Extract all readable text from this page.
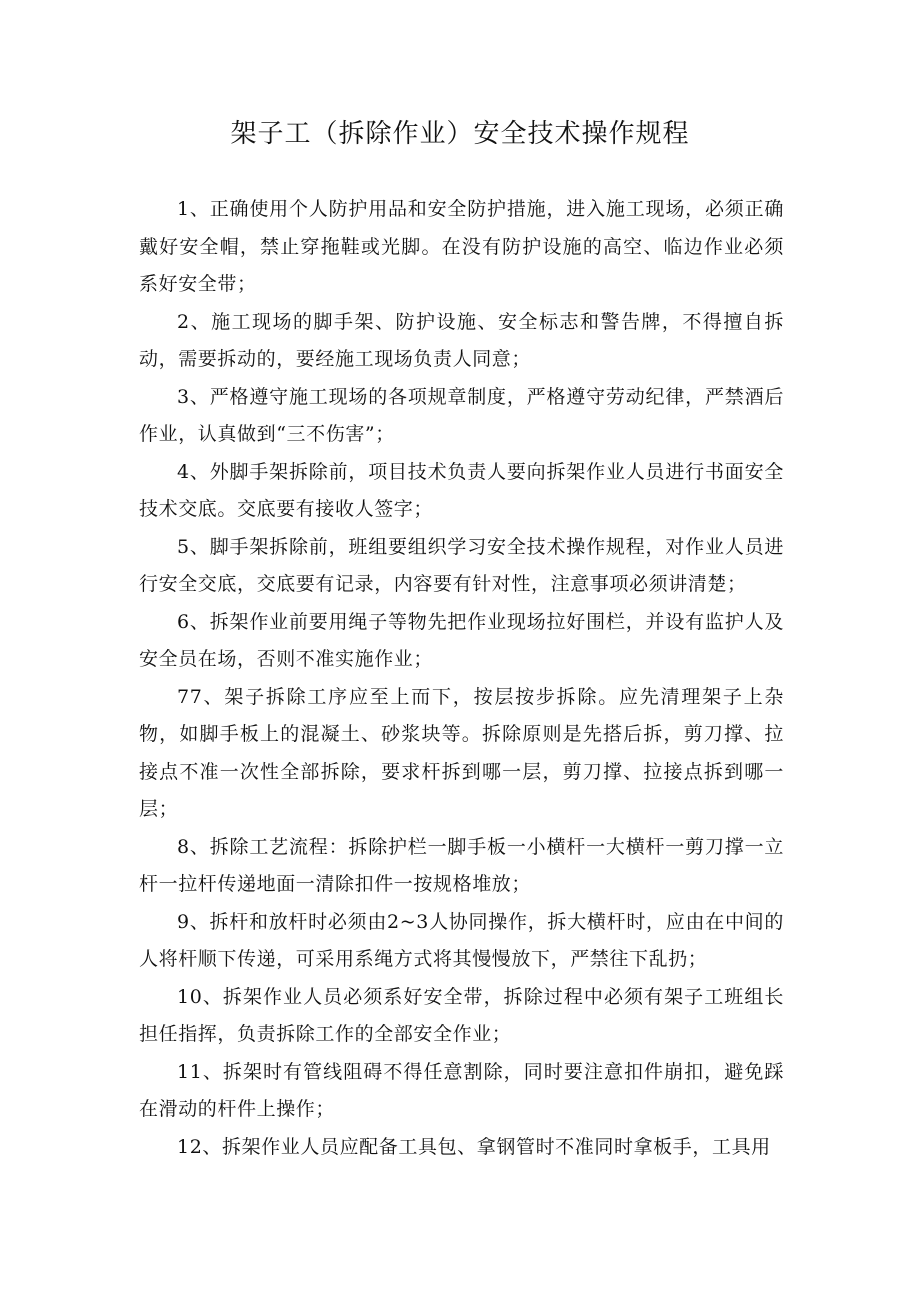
架子工（拆除作业）安全技术操作规程

1、正确使用个人防护用品和安全防护措施，进入施工现场，必须正确戴好安全帽，禁止穿拖鞋或光脚。在没有防护设施的高空、临边作业必须系好安全带；

2、施工现场的脚手架、防护设施、安全标志和警告牌，不得擅自拆动，需要拆动的，要经施工现场负责人同意；

3、严格遵守施工现场的各项规章制度，严格遵守劳动纪律，严禁酒后作业，认真做到“三不伤害”；

4、外脚手架拆除前，项目技术负责人要向拆架作业人员进行书面安全技术交底。交底要有接收人签字；

5、脚手架拆除前，班组要组织学习安全技术操作规程，对作业人员进行安全交底，交底要有记录，内容要有针对性，注意事项必须讲清楚；

6、拆架作业前要用绳子等物先把作业现场拉好围栏，并设有监护人及安全员在场，否则不准实施作业；

77、架子拆除工序应至上而下，按层按步拆除。应先清理架子上杂物，如脚手板上的混凝土、砂浆块等。拆除原则是先搭后拆，剪刀撑、拉接点不准一次性全部拆除，要求杆拆到哪一层，剪刀撑、拉接点拆到哪一层；

8、拆除工艺流程：拆除护栏一脚手板一小横杆一大横杆一剪刀撑一立杆一拉杆传递地面一清除扣件一按规格堆放；

9、拆杆和放杆时必须由2~3人协同操作，拆大横杆时，应由在中间的人将杆顺下传递，可采用系绳方式将其慢慢放下，严禁往下乱扔；

10、拆架作业人员必须系好安全带，拆除过程中必须有架子工班组长担任指挥，负责拆除工作的全部安全作业；

11、拆架时有管线阻碍不得任意割除，同时要注意扣件崩扣，避免踩在滑动的杆件上操作；

12、拆架作业人员应配备工具包、拿钢管时不准同时拿板手，工具用
